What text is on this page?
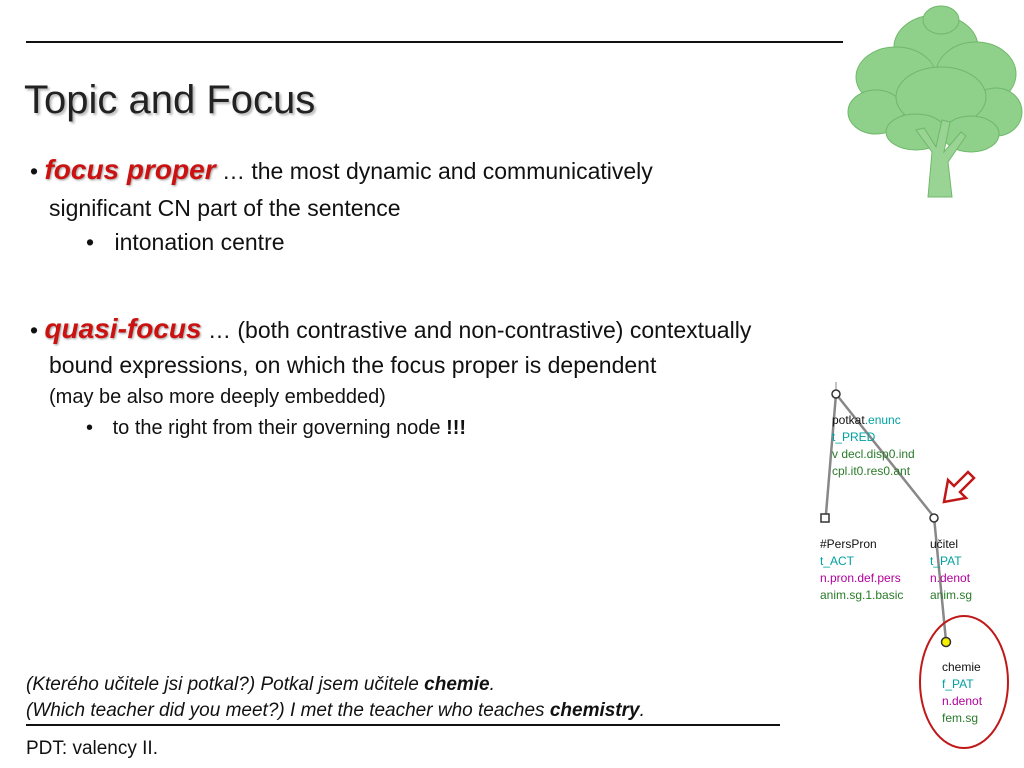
Topic and Focus
• focus proper … the most dynamic and communicatively
significant CN part of the sentence
• intonation centre
• quasi-focus … (both contrastive and non-contrastive) contextually
bound expressions, on which the focus proper is dependent
(may be also more deeply embedded)
• to the right from their governing node !!!	potkat.enunc
t_PRED
v decl.disp0.ind
cpl.it0.res0.ant
#PersPron
t_ACT
n.pron.def.pers
anim.sg.1.basic
učitel
t_PAT
n.denot
anim.sg
chemie
f_PAT
n.denot
fem.sg
(Kterého učitele jsi potkal?) Potkal jsem učitele chemie.
(Which teacher did you meet?) I met the teacher who teaches chemistry.
PDT: valency II.
